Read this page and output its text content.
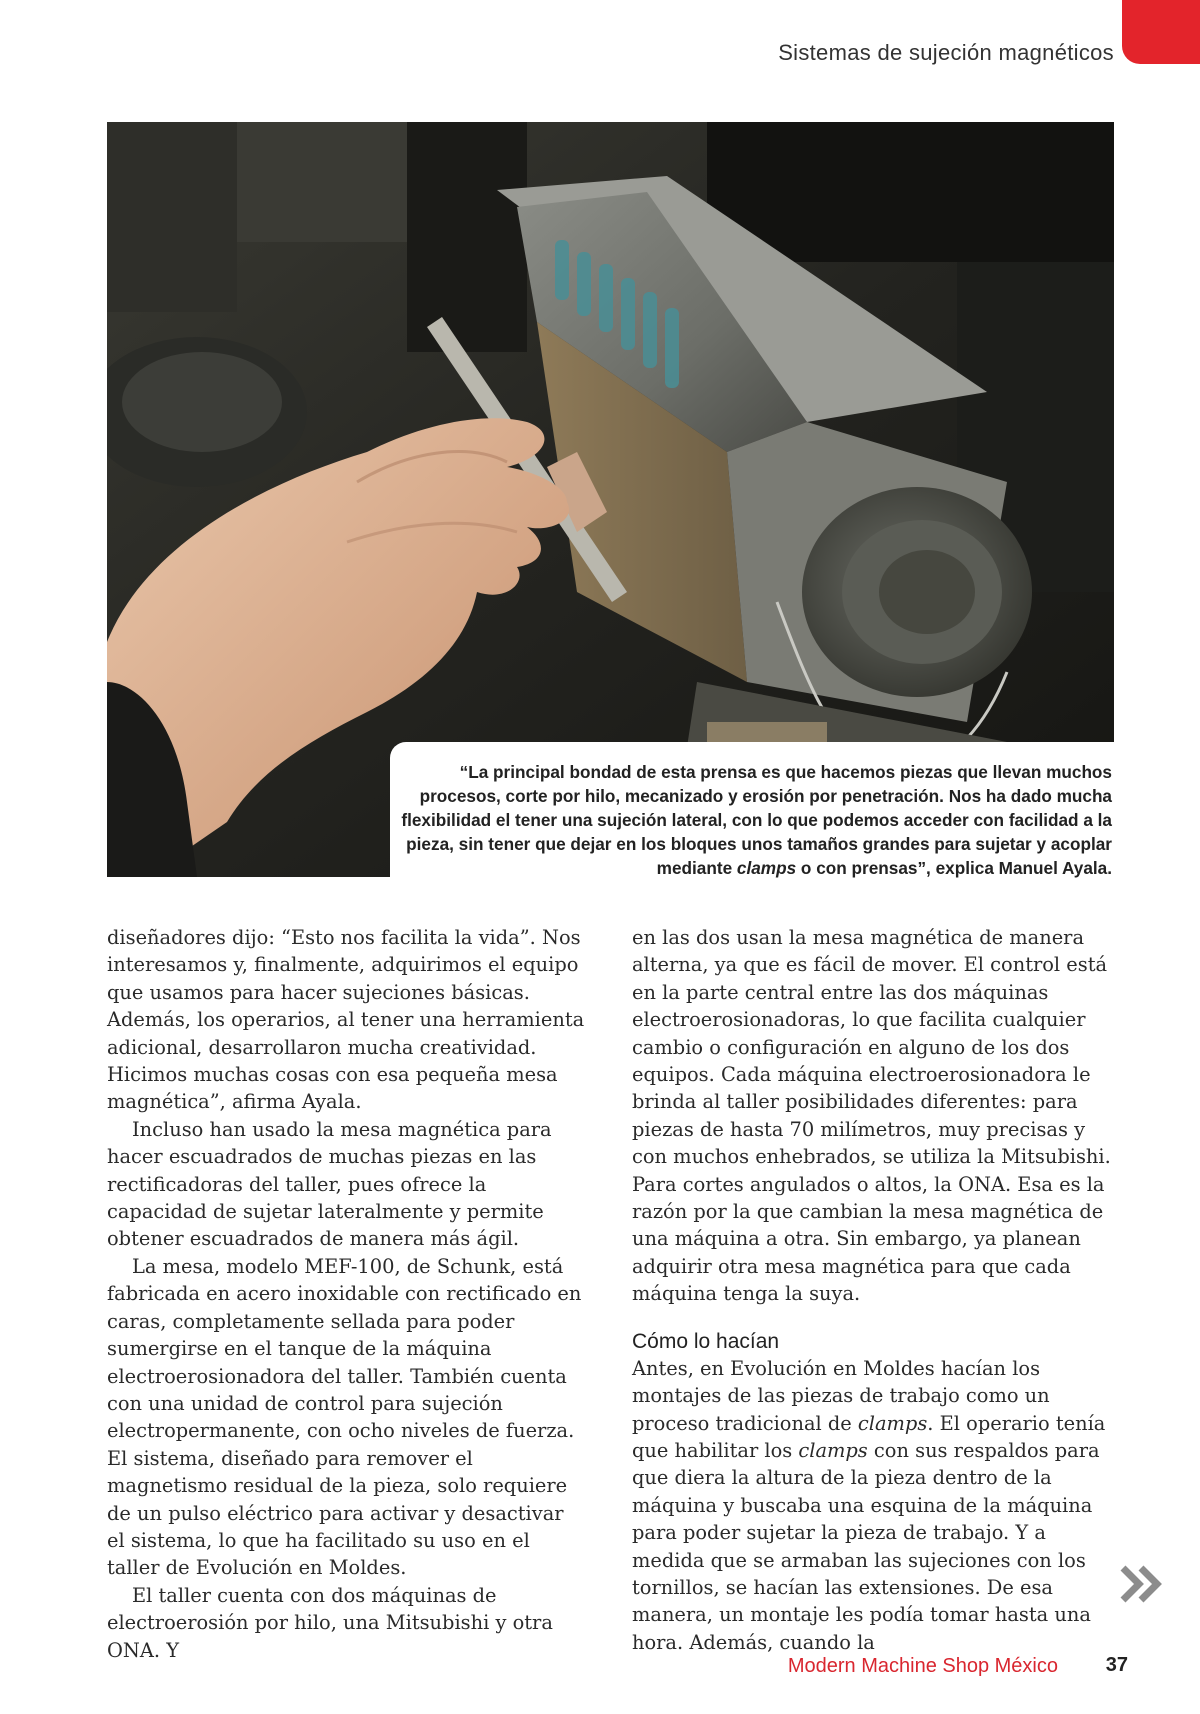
Sistemas de sujeción magnéticos
“La principal bondad de esta prensa es que hacemos piezas que llevan muchos procesos, corte por hilo, mecanizado y erosión por penetración. Nos ha dado mucha flexibilidad el tener una sujeción lateral, con lo que podemos acceder con facilidad a la pieza, sin tener que dejar en los bloques unos tamaños grandes para sujetar y acoplar mediante clamps o con prensas”, explica Manuel Ayala.

diseñadores dijo: “Esto nos facilita la vida”. Nos interesamos y, finalmente, adquirimos el equipo que usamos para hacer sujeciones básicas. Además, los operarios, al tener una herramienta adicional, desarrollaron mucha creatividad. Hicimos muchas cosas con esa pequeña mesa magnética”, afirma Ayala.

Incluso han usado la mesa magnética para hacer escuadrados de muchas piezas en las rectificadoras del taller, pues ofrece la capacidad de sujetar lateralmente y permite obtener escuadrados de manera más ágil.

La mesa, modelo MEF-100, de Schunk, está fabricada en acero inoxidable con rectificado en caras, completamente sellada para poder sumergirse en el tanque de la máquina electroerosionadora del taller. También cuenta con una unidad de control para sujeción electropermanente, con ocho niveles de fuerza. El sistema, diseñado para remover el magnetismo residual de la pieza, solo requiere de un pulso eléctrico para activar y desactivar el sistema, lo que ha facilitado su uso en el taller de Evolución en Moldes.

El taller cuenta con dos máquinas de electroerosión por hilo, una Mitsubishi y otra ONA. Y

en las dos usan la mesa magnética de manera alterna, ya que es fácil de mover. El control está en la parte central entre las dos máquinas electroerosionadoras, lo que facilita cualquier cambio o configuración en alguno de los dos equipos. Cada máquina electroerosionadora le brinda al taller posibilidades diferentes: para piezas de hasta 70 milímetros, muy precisas y con muchos enhebrados, se utiliza la Mitsubishi. Para cortes angulados o altos, la ONA. Esa es la razón por la que cambian la mesa magnética de una máquina a otra. Sin embargo, ya planean adquirir otra mesa magnética para que cada máquina tenga la suya.

Cómo lo hacían

Antes, en Evolución en Moldes hacían los montajes de las piezas de trabajo como un proceso tradicional de clamps. El operario tenía que habilitar los clamps con sus respaldos para que diera la altura de la pieza dentro de la máquina y buscaba una esquina de la máquina para poder sujetar la pieza de trabajo. Y a medida que se armaban las sujeciones con los tornillos, se hacían las extensiones. De esa manera, un montaje les podía tomar hasta una hora. Además, cuando la

Modern Machine Shop México 37
